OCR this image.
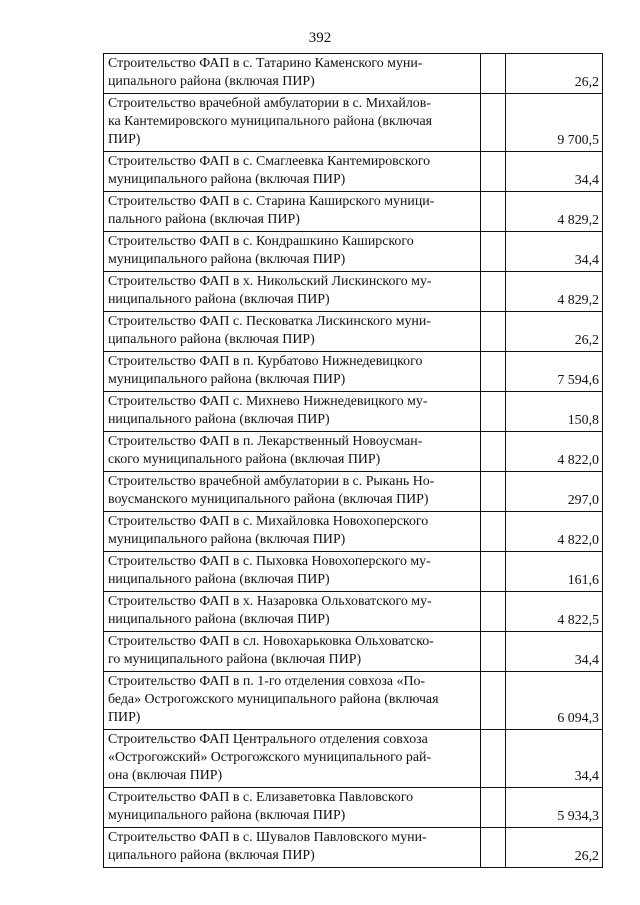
392
Строительство ФАП в с. Татарино Каменского муни-
ципального района (включая ПИР)		26,2

Строительство врачебной амбулатории в с. Михайлов-
ка Кантемировского муниципального района (включая
ПИР)		9 700,5

Строительство ФАП в с. Смаглеевка Кантемировского
муниципального района (включая ПИР)		34,4

Строительство ФАП в с. Старина Каширского муници-
пального района (включая ПИР)		4 829,2

Строительство ФАП в с. Кондрашкино Каширского
муниципального района (включая ПИР)		34,4

Строительство ФАП в х. Никольский Лискинского му-
ниципального района (включая ПИР)		4 829,2

Строительство ФАП с. Песковатка Лискинского муни-
ципального района (включая ПИР)		26,2

Строительство ФАП в п. Курбатово Нижнедевицкого
муниципального района (включая ПИР)		7 594,6

Строительство ФАП с. Михнево Нижнедевицкого му-
ниципального района (включая ПИР)		150,8

Строительство ФАП в п. Лекарственный Новоусман-
ского муниципального района (включая ПИР)		4 822,0

Строительство врачебной амбулатории в с. Рыкань Но-
воусманского муниципального района (включая ПИР)		297,0

Строительство ФАП в с. Михайловка Новохоперского
муниципального района (включая ПИР)		4 822,0

Строительство ФАП в с. Пыховка Новохоперского му-
ниципального района (включая ПИР)		161,6

Строительство ФАП в х. Назаровка Ольховатского му-
ниципального района (включая ПИР)		4 822,5

Строительство ФАП в сл. Новохарьковка Ольховатско-
го муниципального района (включая ПИР)		34,4

Строительство ФАП в п. 1-го отделения совхоза «По-
беда» Острогожского муниципального района (включая
ПИР)		6 094,3

Строительство ФАП Центрального отделения совхоза
«Острогожский» Острогожского муниципального рай-
она (включая ПИР)		34,4

Строительство ФАП в с. Елизаветовка Павловского
муниципального района (включая ПИР)		5 934,3

Строительство ФАП в с. Шувалов Павловского муни-
ципального района (включая ПИР)		26,2
